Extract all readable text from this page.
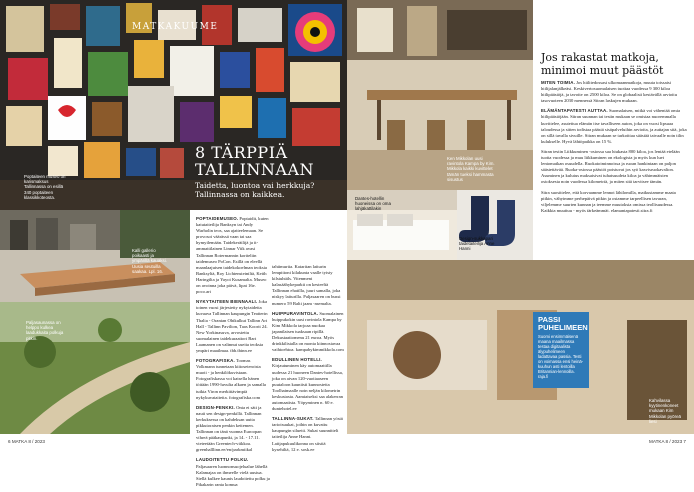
Poptaiteen museo on karismaksus Tallinnassa on esillä 340 poptaiteen klassikkoteosta.
MATKAKUUME
8 TÄRPPIÄ
TALLINNAAN
Taidetta, luontoa vai herkkuja?
Tallinnassa on kaikkea.
Kalli gallerio poikaasti ja ympärillä kauaksi. Uusia seutuilla saakaa. Lpl. 16.
Paljasaunassa on helppo kulkea laadukkaita polkuja pitkin.

POPTAIDEMUSEO. Poptaidit, kuten katutaiteilija Banksyn tai Andy Warholin teos, saa ajatteelemaan. Se provosoi väärässä vaan tai saa hymyilemään. Taidekeräilijä ja it-ammattilainen Linnar Viik avasi Tallinnan Rotermannin kortteliin taidemuseo PoCon. Esillä on eleellä maanlaajuisen taidekokoelman teoksia Banksyltä, Roy Lichtensteiniltä, Keith Haringilta ja Yayoi Kusamalta. Museo on avoinna joka päivä, lipat 16e. poco.art

NYKYTAITEEN BIENNAALI. Joka toinen vuosi järjestetty nykytaidetta kuvaava Tallinnan kaupungin Teatterin Thalia - Oranian Ohikulkut Tallinn Art Hall - Tallinn Pavilion, Taas Koorit 24. New Yorkinasuva, arvostettu suomalainen taidekuraattori Bart Laamanen on valinnut useita teoksia ympäri maailmaa. tbb.tbinn.ee

FOTOGRAFISKA. Toomas Volkmann tunnetaan kiitoseteroista muoti - ja henkilökuvistaan. Fotografiskassa voi katsella hänen töitään 1990-luvulta alkaen ja samalla tutkia Viron merkittävimpiä nykykuvataiteita. fotografiska.com

DESIGN-PENKKI. Onta ei säti ja nauti sen design-penkillä. Tallinnan kerkuksessa on kahdeksan uutta pikkutoraisen penkin kettemen. Tallinnan on tänä vuonna Euroopan vihreä pääkaupunki, ja 14. - 17.11. vieteetään Greentech-viikkoa. greenhalllinn.ee/en/parkmiikal

LAUDOITETTU POLKU. Paljasaaren luonnonsuojelualue lähellä Kalamajaa on ihmeelle vielä uusiua. Siellä kulkee kaunis laudoitettu polku ja Pikakarin ranta komua

tahtimurtia. Kataritan laiturin lempittoni kilakunta vaalle tyisty kilstuhtäls. Vitenmeni kalasäähykeparkti on kesteeltä Tallinnan ehatilla, juuri samalla, joka niskyy laiturilla. Paljasaaren on bussi numero 59 Balti jaam -asemalta.

HUIPPURAVINTOLA. Suomalainen huippukokin uusi ravintola Kampa by Kim Mikkola tarjoaa nuokaa japanilaisen tuaksaan ripillä. Dekustaatiomenu 21 euroa. Myös drinkkilistalla on monta kiinnostavaa vaihtoehtoa. kampabykimmikkola.com

EDULLINEN HOTELLI. Kirjautuminen käy automaattilla uudessa 21 huoneen Dantes-hotellissa, joka on aivan 120-vuotiaaseen puutaloon kauniisti kunnostetta Toolhaimaalle noin neljän kilometrin keskustasta. Aamiaiseksi saa alakerran automaatista. Yöpyminen n. 60 e. duntehotel.ee

TALLINNA-SUKAT. Tallinnan yöstä tarioisuukat, joihin on kuvattu kaupungin siluetti. Sukat suunnitteli taiteilija Anne Hanni. Laitjapukuulikonna on siistiä kysehiltä, 12 e. sosk.ee

6 MATKA 8 / 2023
Ken Mikkolan uusi ravintola Kampa by Kim. Mikkola kaikki kuvittelet tämän tueksi hammasta sisustus
Dantes-hotellin huoneissa on oma lahjäkattilakin
Design-sukkapari taidetaiteilija Anne Hanni
Kahvilassa kyytinenkoneet mukaan Kim Mikkolan pyöreä liesi
Jos rakastat matkoja,
minimoi muut päästöt

MITEN TOIMIA. Jos hiilitedossasi ulkomaanmatkoja, muuta toissaisi hiilijalanjälkeäsi. Keskivertosuomalaisen tuottaa vuodessa 9 300 kiloa hiilipäästöjä, ja tavoite on 2500 kiloa. Se on globaalisti kestävällä arvioitu tasovuoteen 2030 mennessä Sitran laskujen mukaan.

ELÄMÄNTAPATESTI AUTTAA. Suomalaisen, mitkä voi vähentää omia hiilipäästöjään. Sitran suunnan tai testin mukaan se omistaa nuoremmalla kuvittelee, asutettua elämän itse tavalliseen auton, joka on vuosi lipsuaa taloudessa ja sitten todistaa päästä sisäpalveluihin arvioita, ja auttajan sitä, joka on sillä tavalla sivuille. Sitran mukaan se tarkoittaa säästää taivaalle noin tilin kulukselle. Hyvä lähtöpaikka on 15 %.

Sitran testin Liikkuminen -osiossa saa hiukasta 800 kiloa, jos lentää etelään tuotta vuodessa ja muu liikkuminen on ekologista ja myös kun luet lentomatkan osuudella. Ruokatoiminnoissa ja ruoan hankintaan on paljon säästettävää. Ruoka-osiossa päästöt poistuvat jos syö kasvisruokavalion. Asuminen ja kulutus maksaisivat tuhatsuudeta kiloa ja vähimmäisten ostoksesta noin vuodessa kilometriä, ja miten sitä tarvitsee tämän.

Sitra suosittelee, että korvaamme lennot lähilomilla, matkustamme maata pitkin, vähyimme perhepäivä pitkin ja ostamme tarpeellisen tavaran, viljelemme suurten kunnan ja teemme muutoksia omissa teollisuudessa. Kaikkia muuttuu - myös tärkeämmät. elamantapatesti.sitra.fi

PASSI
PUHELIMEEN
Suomi ensimmäisenä maana maailmassa testaa digitaalista älypuhelimeen ladattavaa passia. Testi on voimassa ensi heinä-kuuhun asti lentoilla Britannian-lennoilla. raja.fi
MATKA 8 / 2023 7
